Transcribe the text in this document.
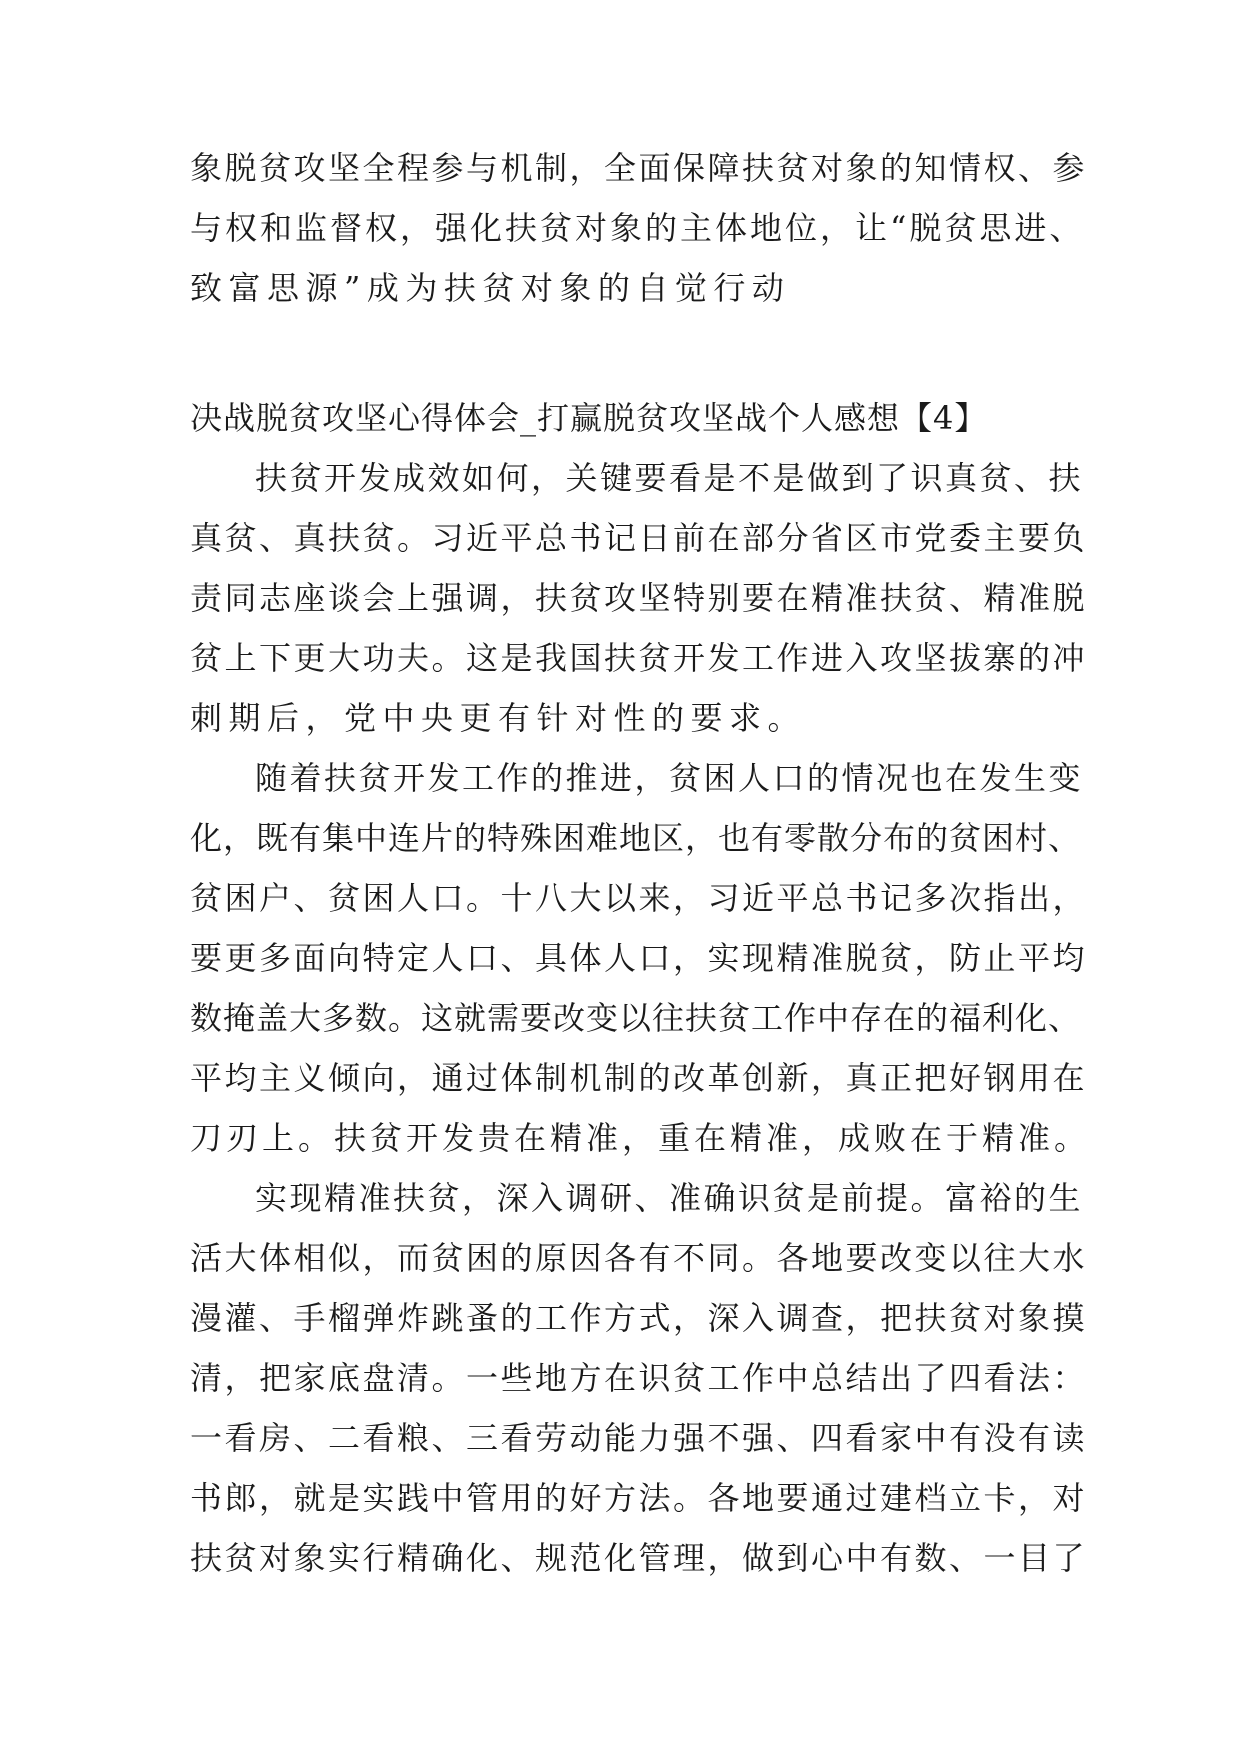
象脱贫攻坚全程参与机制，全面保障扶贫对象的知情权、参
与权和监督权，强化扶贫对象的主体地位，让“脱贫思进、
致富思源”成为扶贫对象的自觉行动
决战脱贫攻坚心得体会_打赢脱贫攻坚战个人感想【4】
扶贫开发成效如何，关键要看是不是做到了识真贫、扶
真贫、真扶贫。习近平总书记日前在部分省区市党委主要负
责同志座谈会上强调，扶贫攻坚特别要在精准扶贫、精准脱
贫上下更大功夫。这是我国扶贫开发工作进入攻坚拔寨的冲
刺期后，党中央更有针对性的要求。
随着扶贫开发工作的推进，贫困人口的情况也在发生变
化，既有集中连片的特殊困难地区，也有零散分布的贫困村、
贫困户、贫困人口。十八大以来，习近平总书记多次指出，
要更多面向特定人口、具体人口，实现精准脱贫，防止平均
数掩盖大多数。这就需要改变以往扶贫工作中存在的福利化、
平均主义倾向，通过体制机制的改革创新，真正把好钢用在
刀刃上。扶贫开发贵在精准，重在精准，成败在于精准。
实现精准扶贫，深入调研、准确识贫是前提。富裕的生
活大体相似，而贫困的原因各有不同。各地要改变以往大水
漫灌、手榴弹炸跳蚤的工作方式，深入调查，把扶贫对象摸
清，把家底盘清。一些地方在识贫工作中总结出了四看法：
一看房、二看粮、三看劳动能力强不强、四看家中有没有读
书郎，就是实践中管用的好方法。各地要通过建档立卡，对
扶贫对象实行精确化、规范化管理，做到心中有数、一目了
